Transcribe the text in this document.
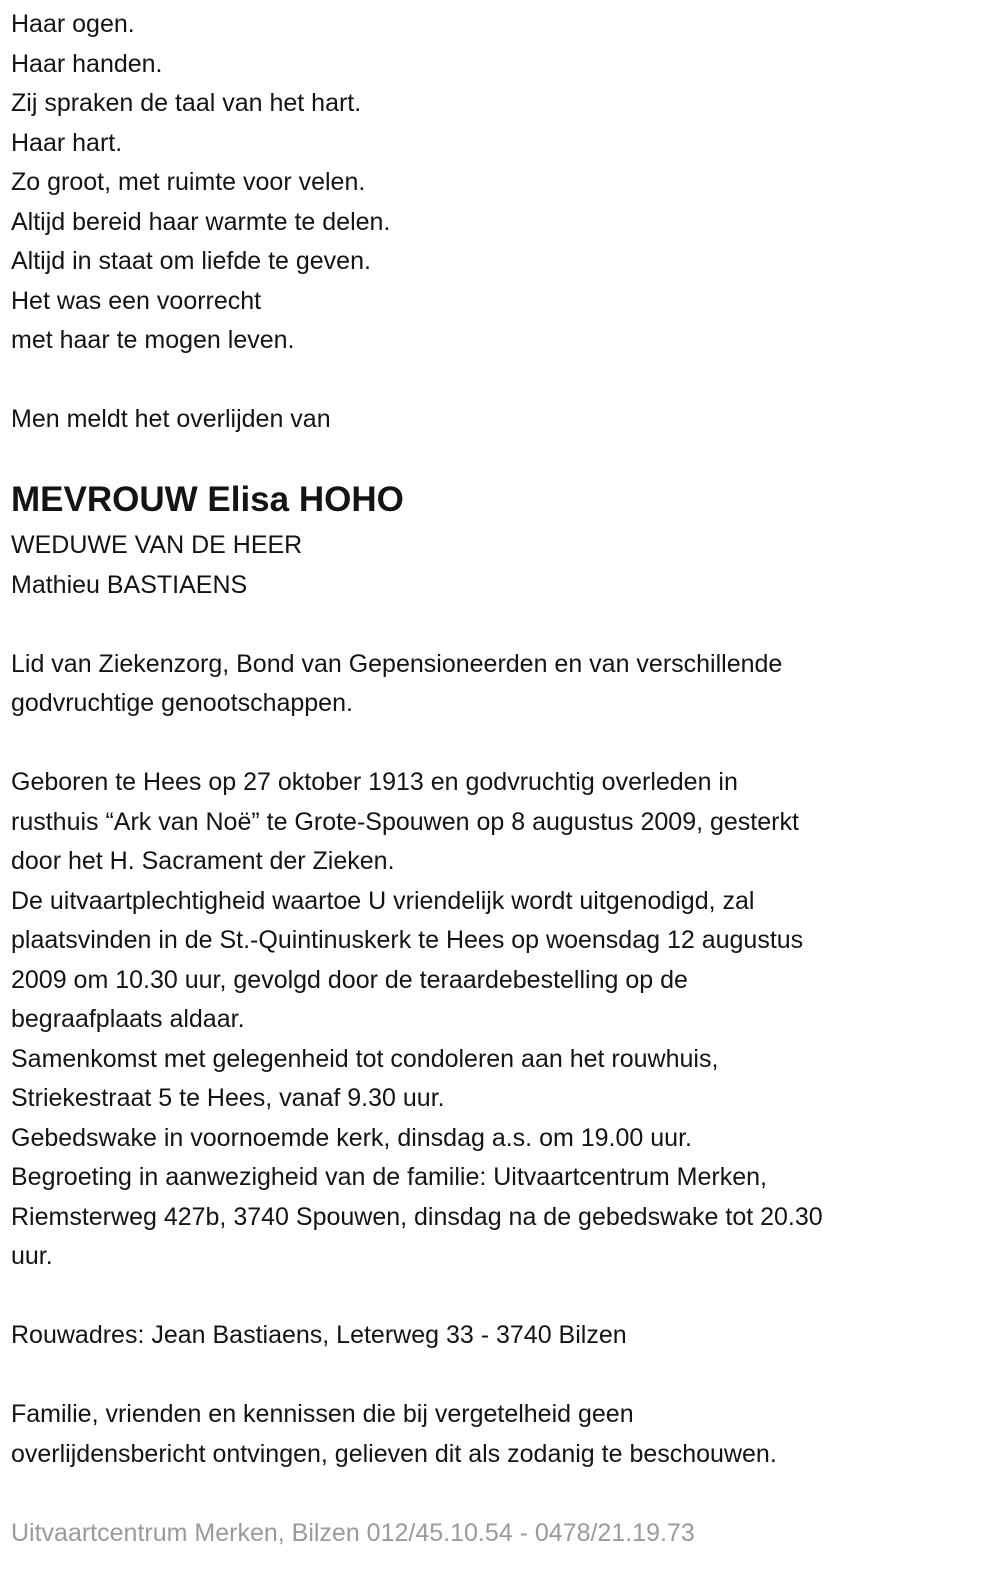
Haar ogen.
Haar handen.
Zij spraken de taal van het hart.
Haar hart.
Zo groot, met ruimte voor velen.
Altijd bereid haar warmte te delen.
Altijd in staat om liefde te geven.
Het was een voorrecht
met haar te mogen leven.
Men meldt het overlijden van
MEVROUW Elisa HOHO
WEDUWE VAN DE HEER
Mathieu BASTIAENS
Lid van Ziekenzorg, Bond van Gepensioneerden en van verschillende
godvruchtige genootschappen.
Geboren te Hees op 27 oktober 1913 en godvruchtig overleden in
rusthuis “Ark van Noë” te Grote-Spouwen op 8 augustus 2009, gesterkt
door het H. Sacrament der Zieken.
De uitvaartplechtigheid waartoe U vriendelijk wordt uitgenodigd, zal
plaatsvinden in de St.-Quintinuskerk te Hees op woensdag 12 augustus
2009 om 10.30 uur, gevolgd door de teraardebestelling op de
begraafplaats aldaar.
Samenkomst met gelegenheid tot condoleren aan het rouwhuis,
Striekestraat 5 te Hees, vanaf 9.30 uur.
Gebedswake in voornoemde kerk, dinsdag a.s. om 19.00 uur.
Begroeting in aanwezigheid van de familie: Uitvaartcentrum Merken,
Riemsterweg 427b, 3740 Spouwen, dinsdag na de gebedswake tot 20.30
uur.
Rouwadres: Jean Bastiaens, Leterweg 33 - 3740 Bilzen
Familie, vrienden en kennissen die bij vergetelheid geen
overlijdensbericht ontvingen, gelieven dit als zodanig te beschouwen.
Uitvaartcentrum Merken, Bilzen 012/45.10.54 - 0478/21.19.73
